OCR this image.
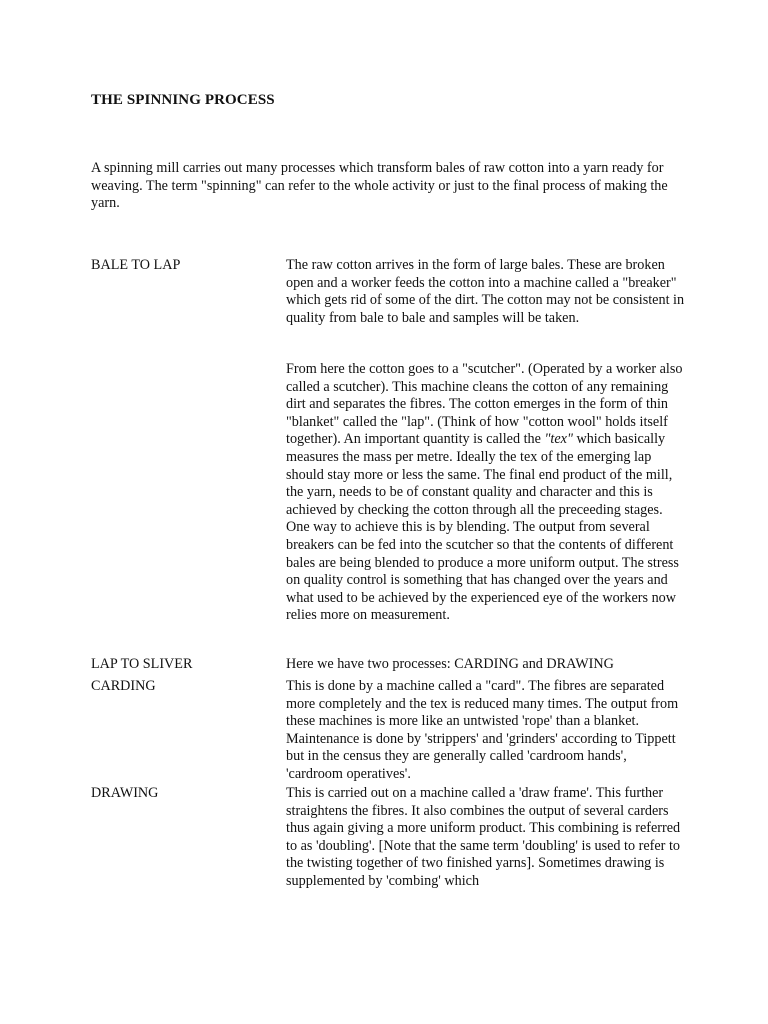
THE SPINNING PROCESS

A spinning mill carries out many processes which transform bales of raw cotton into a yarn ready for weaving. The term "spinning" can refer to the whole activity or just to the final process of making the yarn.

BALE TO LAP	The raw cotton arrives in the form of large bales. These are broken open and a worker feeds the cotton into a machine called a "breaker" which gets rid of some of the dirt. The cotton may not be consistent in quality from bale to bale and samples will be taken.

From here the cotton goes to a "scutcher". (Operated by a worker also called a scutcher). This machine cleans the cotton of any remaining dirt and separates the fibres. The cotton emerges in the form of thin "blanket" called the "lap". (Think of how "cotton wool" holds itself together). An important quantity is called the "tex" which basically measures the mass per metre. Ideally the tex of the emerging lap should stay more or less the same. The final end product of the mill, the yarn, needs to be of constant quality and character and this is achieved by checking the cotton through all the preceeding stages. One way to achieve this is by blending. The output from several breakers can be fed into the scutcher so that the contents of different bales are being blended to produce a more uniform output. The stress on quality control is something that has changed over the years and what used to be achieved by the experienced eye of the workers now relies more on measurement.

LAP TO SLIVER	Here we have two processes: CARDING and DRAWING

CARDING	This is done by a machine called a "card". The fibres are separated more completely and the tex is reduced many times. The output from these machines is more like an untwisted 'rope' than a blanket. Maintenance is done by 'strippers' and 'grinders' according to Tippett but in the census they are generally called 'cardroom hands', 'cardroom operatives'.

DRAWING	This is carried out on a machine called a 'draw frame'. This further straightens the fibres. It also combines the output of several carders thus again giving a more uniform product. This combining is referred to as 'doubling'. [Note that the same term 'doubling' is used to refer to the twisting together of two finished yarns]. Sometimes drawing is supplemented by 'combing' which
